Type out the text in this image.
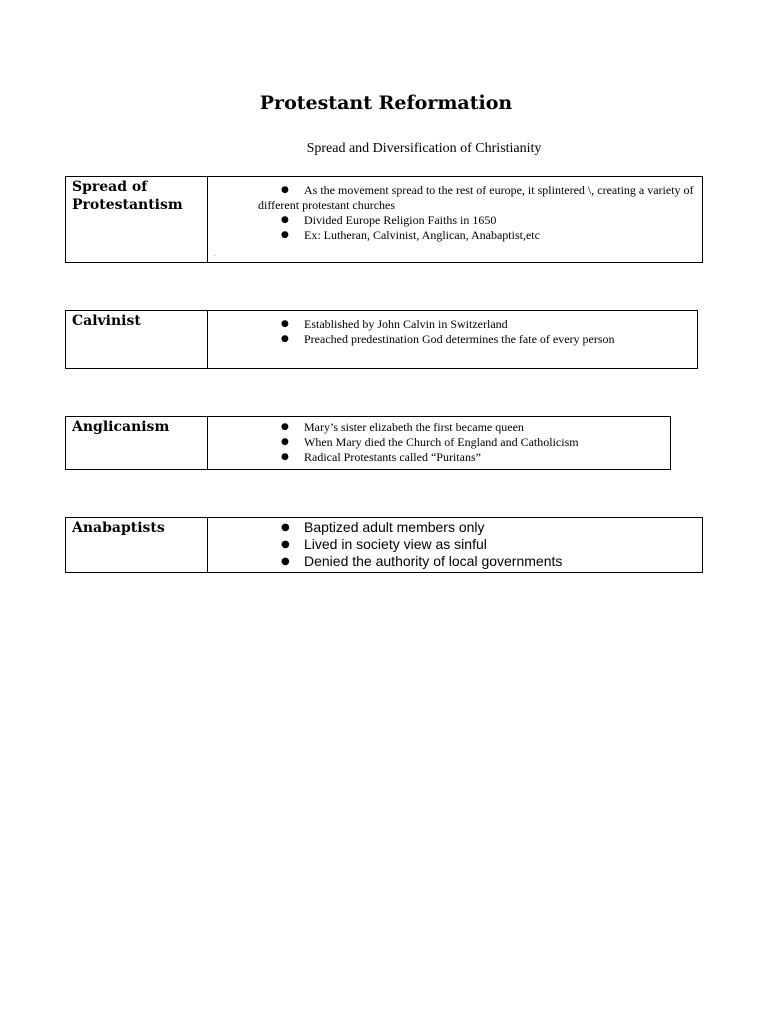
Protestant Reformation
Spread and Diversification of Christianity
Spread of Protestantism	
● As the movement spread to the rest of europe, it splintered \, creating a variety of different protestant churches
● Divided Europe Religion Faiths in 1650
● Ex: Lutheran, Calvinist, Anglican, Anabaptist,etc
.
Calvinist	● Established by John Calvin in Switzerland
● Preached predestination God determines the fate of every person
Anglicanism	● Mary’s sister elizabeth the first became queen
● When Mary died the Church of England and Catholicism
● Radical Protestants called “Puritans”
Anabaptists	● Baptized adult members only
● Lived in society view as sinful
● Denied the authority of local governments
